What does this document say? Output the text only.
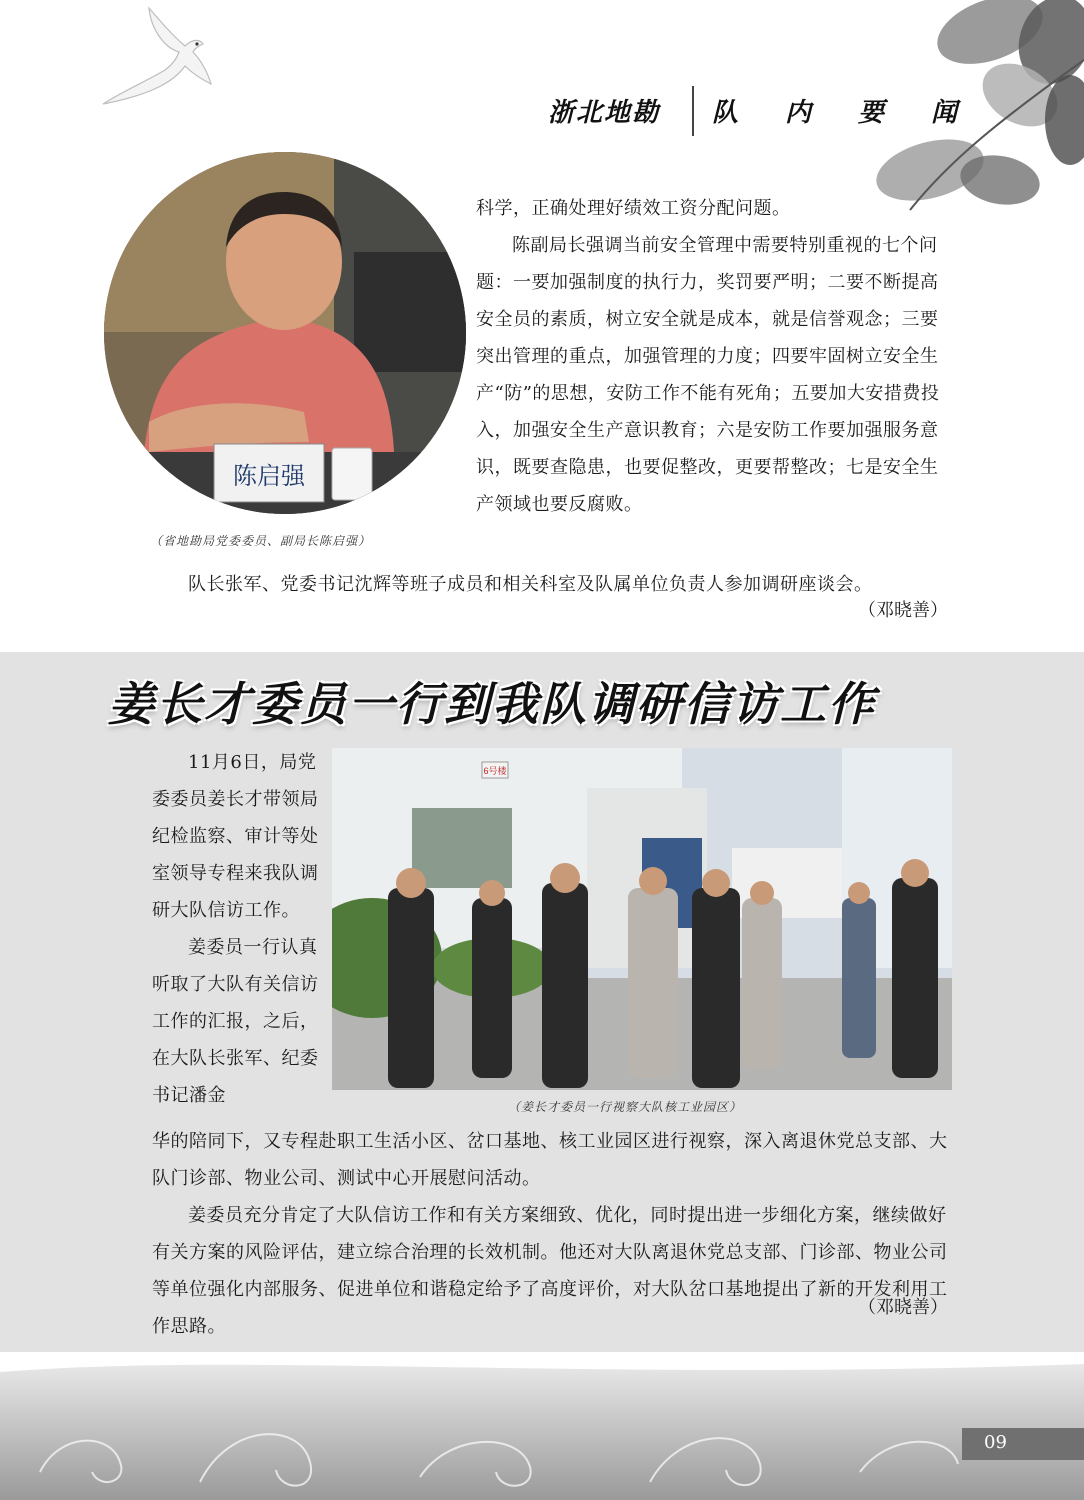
浙北地勘 队 内 要 闻
陈启强
（省地勘局党委委员、副局长陈启强）

科学，正确处理好绩效工资分配问题。

陈副局长强调当前安全管理中需要特别重视的七个问题：一要加强制度的执行力，奖罚要严明；二要不断提高安全员的素质，树立安全就是成本，就是信誉观念；三要突出管理的重点，加强管理的力度；四要牢固树立安全生产“防”的思想，安防工作不能有死角；五要加大安措费投入，加强安全生产意识教育；六是安防工作要加强服务意识，既要查隐患，也要促整改，更要帮整改；七是安全生产领域也要反腐败。

队长张军、党委书记沈辉等班子成员和相关科室及队属单位负责人参加调研座谈会。

（邓晓善）
姜长才委员一行到我队调研信访工作

11月6日，局党委委员姜长才带领局纪检监察、审计等处室领导专程来我队调研大队信访工作。

姜委员一行认真听取了大队有关信访工作的汇报，之后，在大队长张军、纪委书记潘金

6号楼
（姜长才委员一行视察大队核工业园区）

华的陪同下，又专程赴职工生活小区、岔口基地、核工业园区进行视察，深入离退休党总支部、大队门诊部、物业公司、测试中心开展慰问活动。

姜委员充分肯定了大队信访工作和有关方案细致、优化，同时提出进一步细化方案，继续做好有关方案的风险评估，建立综合治理的长效机制。他还对大队离退休党总支部、门诊部、物业公司等单位强化内部服务、促进单位和谐稳定给予了高度评价，对大队岔口基地提出了新的开发利用工作思路。

（邓晓善）
09
